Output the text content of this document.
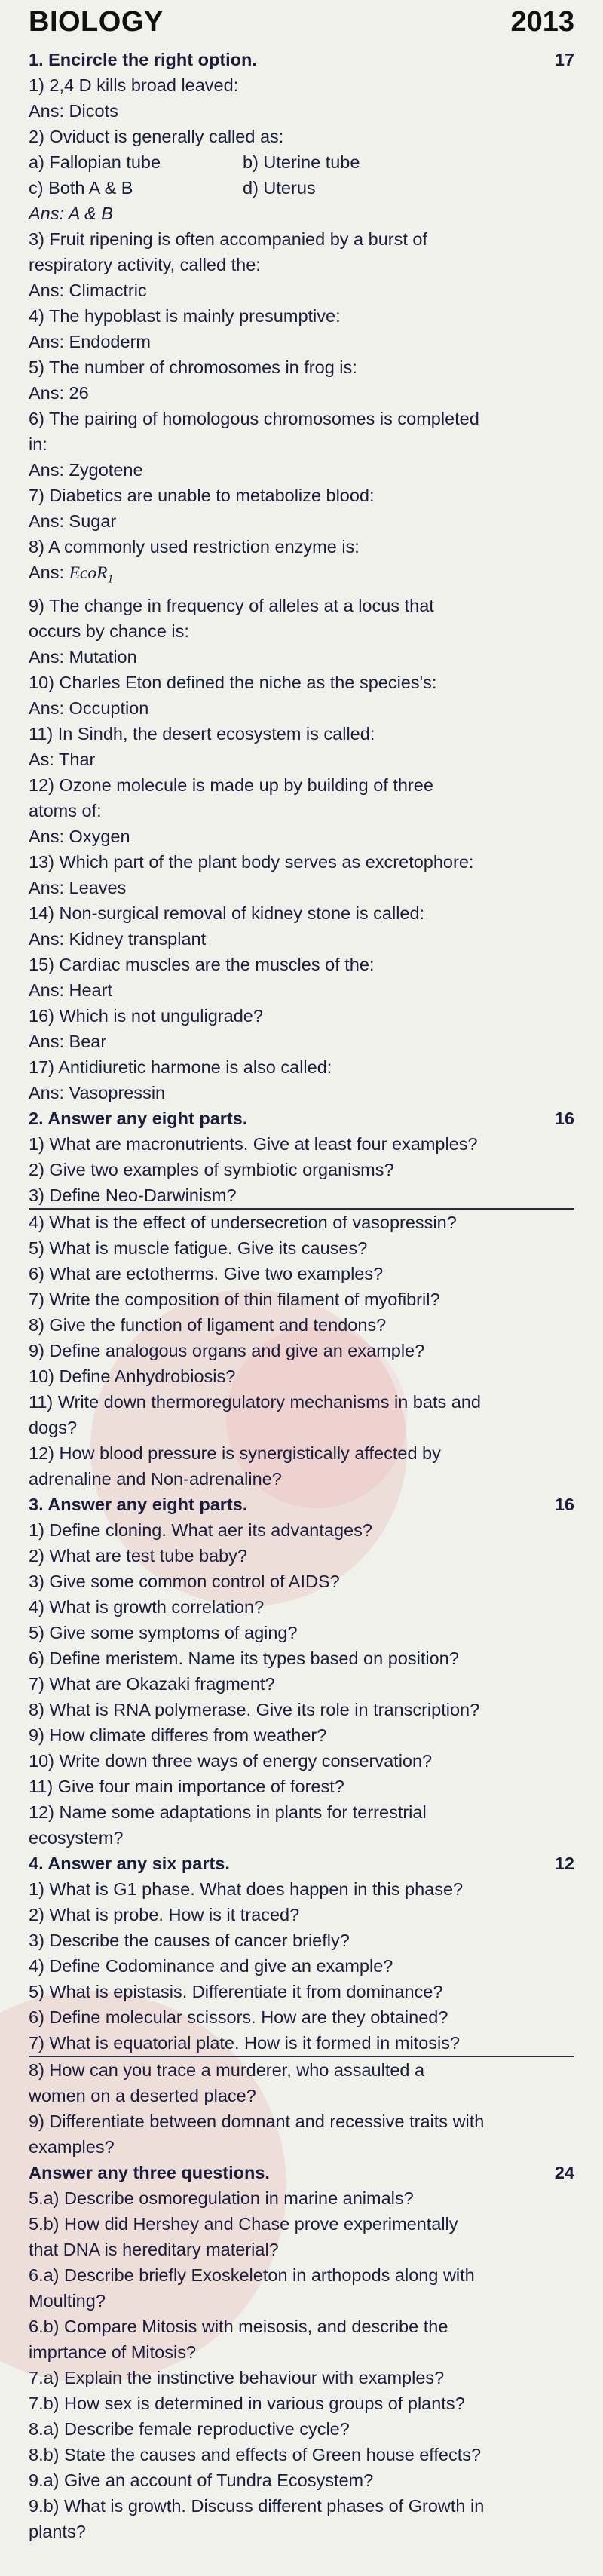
BIOLOGY	2013
1. Encircle the right option.	17
1) 2,4 D kills broad leaved:
Ans: Dicots
2) Oviduct is generally called as:
a) Fallopian tube	b) Uterine tube
c) Both A & B	d) Uterus
Ans: A & B
3) Fruit ripening is often accompanied by a burst of
respiratory activity, called the:
Ans: Climactric
4) The hypoblast is mainly presumptive:
Ans: Endoderm
5) The number of chromosomes in frog is:
Ans: 26
6) The pairing of homologous chromosomes is completed
in:
Ans: Zygotene
7) Diabetics are unable to metabolize blood:
Ans: Sugar
8) A commonly used restriction enzyme is:
Ans: EcoR$_1$
9) The change in frequency of alleles at a locus that
occurs by chance is:
Ans: Mutation
10) Charles Eton defined the niche as the species's:
Ans: Occuption
11) In Sindh, the desert ecosystem is called:
As: Thar
12) Ozone molecule is made up by building of three
atoms of:
Ans: Oxygen
13) Which part of the plant body serves as excretophore:
Ans: Leaves
14) Non-surgical removal of kidney stone is called:
Ans: Kidney transplant
15) Cardiac muscles are the muscles of the:
Ans: Heart
16) Which is not unguligrade?
Ans: Bear
17) Antidiuretic harmone is also called:
Ans: Vasopressin
2. Answer any eight parts.	16
1) What are macronutrients. Give at least four examples?
2) Give two examples of symbiotic organisms?
3) Define Neo-Darwinism?
4) What is the effect of undersecretion of vasopressin?
5) What is muscle fatigue. Give its causes?
6) What are ectotherms. Give two examples?
7) Write the composition of thin filament of myofibril?
8) Give the function of ligament and tendons?
9) Define analogous organs and give an example?
10) Define Anhydrobiosis?
11) Write down thermoregulatory mechanisms in bats and
dogs?
12) How blood pressure is synergistically affected by
adrenaline and Non-adrenaline?
3. Answer any eight parts.	16
1) Define cloning. What aer its advantages?
2) What are test tube baby?
3) Give some common control of AIDS?
4) What is growth correlation?
5) Give some symptoms of aging?
6) Define meristem. Name its types based on position?
7) What are Okazaki fragment?
8) What is RNA polymerase. Give its role in transcription?
9) How climate differes from weather?
10) Write down three ways of energy conservation?
11) Give four main importance of forest?
12) Name some adaptations in plants for terrestrial
ecosystem?
4. Answer any six parts.	12
1) What is G1 phase. What does happen in this phase?
2) What is probe. How is it traced?
3) Describe the causes of cancer briefly?
4) Define Codominance and give an example?
5) What is epistasis. Differentiate it from dominance?
6) Define molecular scissors. How are they obtained?
7) What is equatorial plate. How is it formed in mitosis?
8) How can you trace a murderer, who assaulted a
women on a deserted place?
9) Differentiate between domnant and recessive traits with
examples?
Answer any three questions.	24
5.a) Describe osmoregulation in marine animals?
5.b) How did Hershey and Chase prove experimentally
that DNA is hereditary material?
6.a) Describe briefly Exoskeleton in arthopods along with
Moulting?
6.b) Compare Mitosis with meisosis, and describe the
imprtance of Mitosis?
7.a) Explain the instinctive behaviour with examples?
7.b) How sex is determined in various groups of plants?
8.a) Describe female reproductive cycle?
8.b) State the causes and effects of Green house effects?
9.a) Give an account of Tundra Ecosystem?
9.b) What is growth. Discuss different phases of Growth in
plants?
